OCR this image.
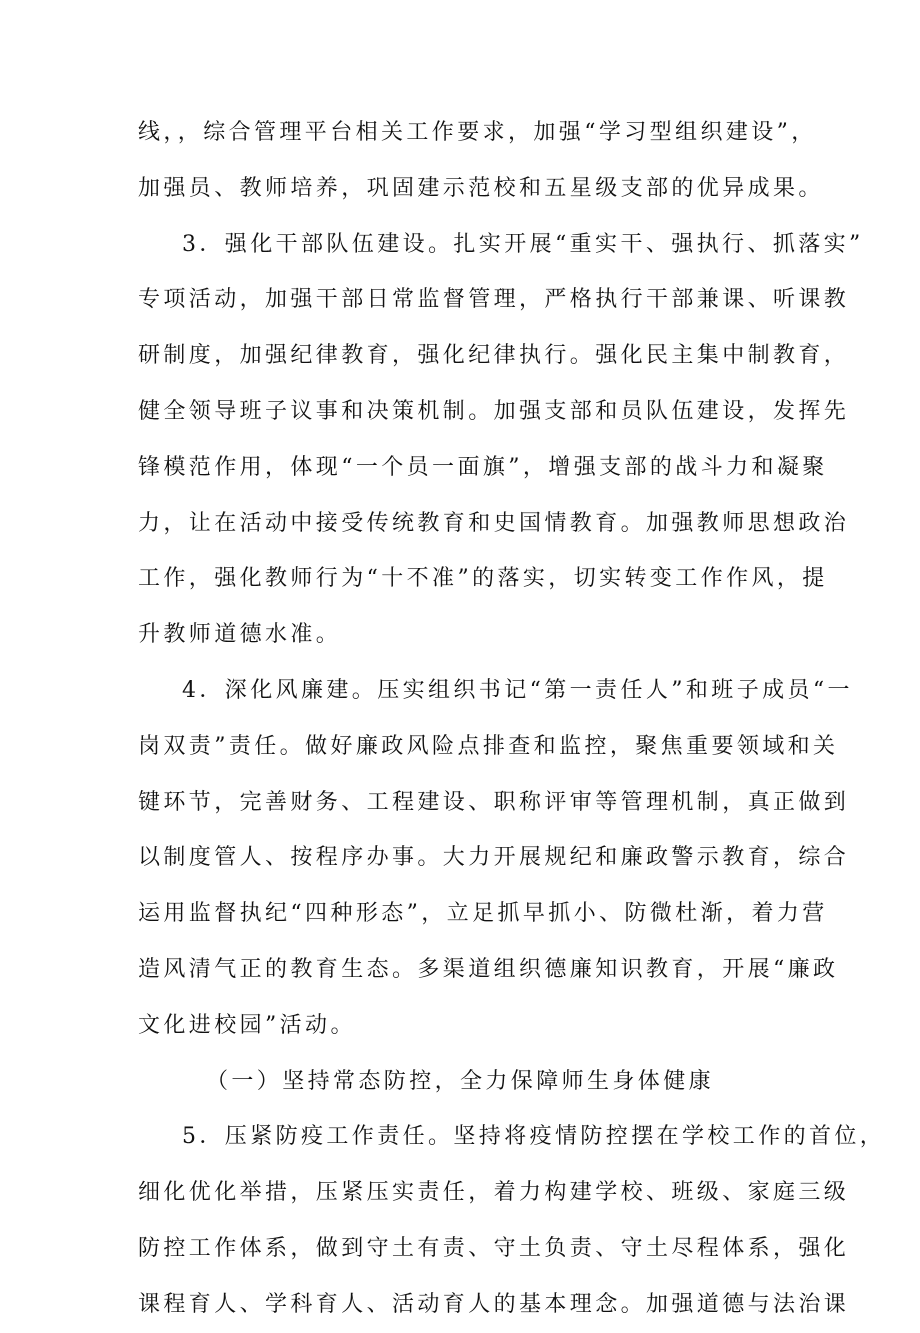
线，，综合管理平台相关工作要求，加强“学习型组织建设”，
加强员、教师培养，巩固建示范校和五星级支部的优异成果。
3．强化干部队伍建设。扎实开展“重实干、强执行、抓落实”
专项活动，加强干部日常监督管理，严格执行干部兼课、听课教
研制度，加强纪律教育，强化纪律执行。强化民主集中制教育，
健全领导班子议事和决策机制。加强支部和员队伍建设，发挥先
锋模范作用，体现“一个员一面旗”，增强支部的战斗力和凝聚
力，让在活动中接受传统教育和史国情教育。加强教师思想政治
工作，强化教师行为“十不准”的落实，切实转变工作作风，提
升教师道德水准。
4．深化风廉建。压实组织书记“第一责任人”和班子成员“一
岗双责”责任。做好廉政风险点排查和监控，聚焦重要领域和关
键环节，完善财务、工程建设、职称评审等管理机制，真正做到
以制度管人、按程序办事。大力开展规纪和廉政警示教育，综合
运用监督执纪“四种形态”，立足抓早抓小、防微杜渐，着力营
造风清气正的教育生态。多渠道组织德廉知识教育，开展“廉政
文化进校园”活动。
（一）坚持常态防控，全力保障师生身体健康
5．压紧防疫工作责任。坚持将疫情防控摆在学校工作的首位，
细化优化举措，压紧压实责任，着力构建学校、班级、家庭三级
防控工作体系，做到守土有责、守土负责、守土尽程体系，强化
课程育人、学科育人、活动育人的基本理念。加强道德与法治课
